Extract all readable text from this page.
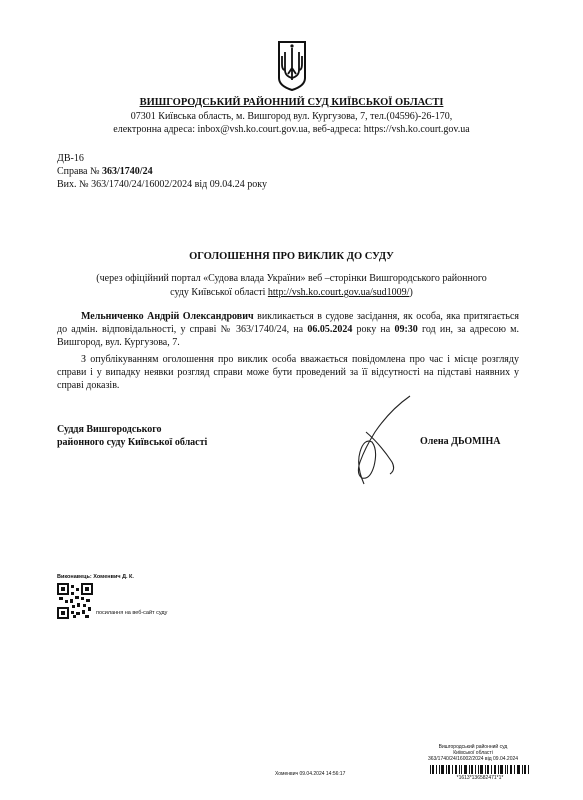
ВИШГОРОДСЬКИЙ РАЙОННИЙ СУД КИЇВСЬКОЇ ОБЛАСТІ
07301 Київська область, м. Вишгород вул. Кургузова, 7, тел.(04596)-26-170,
електронна адреса: inbox@vsh.ko.court.gov.ua, веб-адреса: https://vsh.ko.court.gov.ua
ДВ-16
Справа № 363/1740/24
Вих. № 363/1740/24/16002/2024 від 09.04.24 року
ОГОЛОШЕННЯ ПРО ВИКЛИК ДО СУДУ
(через офіційний портал «Судова влада України» веб –сторінки Вишгородського районного
суду Київської області http://vsh.ko.court.gov.ua/sud1009/)
Мельниченко Андрій Олександрович викликається в судове засідання, як особа, яка притягається до адмін. відповідальності, у справі № 363/1740/24, на 06.05.2024 року на 09:30 год ин, за адресою м. Вишгород, вул. Кургузова, 7.
З опублікуванням оголошення про виклик особа вважається повідомлена про час і місце розгляду справи і у випадку неявки розгляд справи може бути проведений за її відсутності на підставі наявних у справі доказів.
Суддя Вишгородського
районного суду Київської області	Олена ДЬОМІНА
Виконавець: Хоменвич Д. К.
посилання на веб-сайт суду
Вишгородський районний суд
Київської області
363/1740/24/16002/2024 від 09.04.2024
*1613*136582471*1*
Хоменвич 09.04.2024 14:56:17
